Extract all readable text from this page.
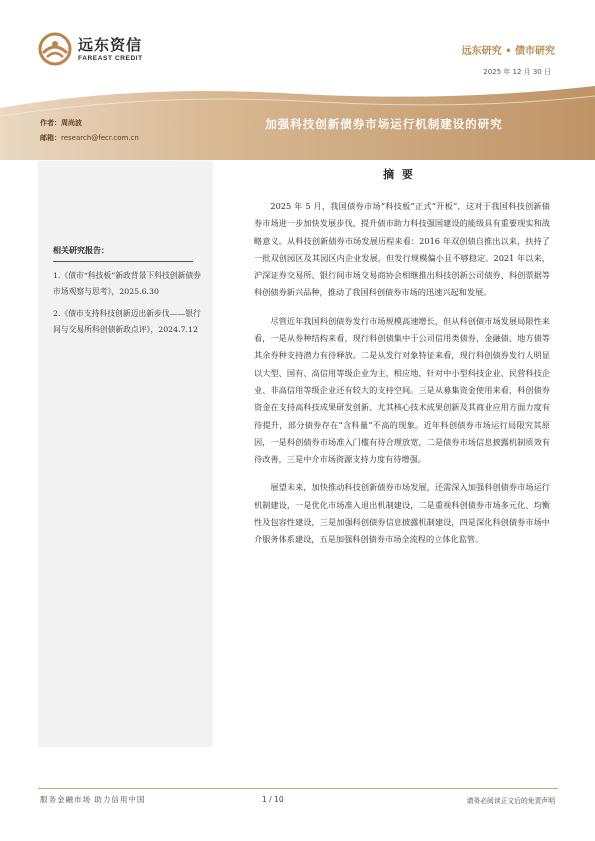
远东资信
FAREAST CREDIT
远东研究 • 债市研究
2025 年 12 月 30 日
作者：周尚波
邮箱：research@fecr.com.cn
加强科技创新债券市场运行机制建设的研究
相关研究报告：
1.《债市“科技板”新政背景下科技创新债券市场观察与思考》，2025.6.30
2.《债市支持科技创新迈出新步伐——银行间与交易所科创债新政点评》，2024.7.12
摘 要

2025 年 5 月，我国债券市场“科技板”正式“开板”，这对于我国科技创新债券市场进一步加快发展步伐，提升债市助力科技强国建设的能级具有重要现实和战略意义。从科技创新债券市场发展历程来看：2016 年双创债自推出以来，扶持了一批双创园区及其园区内企业发展，但发行规模偏小且不够稳定。2021 年以来，沪深证券交易所、银行间市场交易商协会相继推出科技创新公司债券、科创票据等科创债券新兴品种，推动了我国科创债券市场的迅速兴起和发展。

尽管近年我国科创债券发行市场规模高速增长，但从科创债市场发展局限性来看，一是从券种结构来看，现行科创债集中于公司信用类债券，金融债、地方债等其余券种支持潜力有待释放。二是从发行对象特征来看，现行科创债券发行人明显以大型、国有、高信用等级企业为主，相应地，针对中小型科技企业、民营科技企业、非高信用等级企业还有较大的支持空间。三是从募集资金使用来看，科创债券资金在支持高科技成果研发创新、尤其核心技术成果创新及其商业应用方面力度有待提升，部分债券存在“含科量”不高的现象。近年科创债券市场运行局限究其原因，一是科创债券市场准入门槛有待合理放宽，二是债券市场信息披露机制质效有待改善，三是中介市场资源支持力度有待增强。

展望未来，加快推动科技创新债券市场发展，还需深入加强科创债券市场运行机制建设，一是优化市场准入退出机制建设，二是重视科创债券市场多元化、均衡性及包容性建设，三是加强科创债券信息披露机制建设，四是深化科创债券市场中介服务体系建设，五是加强科创债券市场全流程的立体化监管。

服务金融市场 助力信用中国	1 / 10	请务必阅读正文后的免责声明
